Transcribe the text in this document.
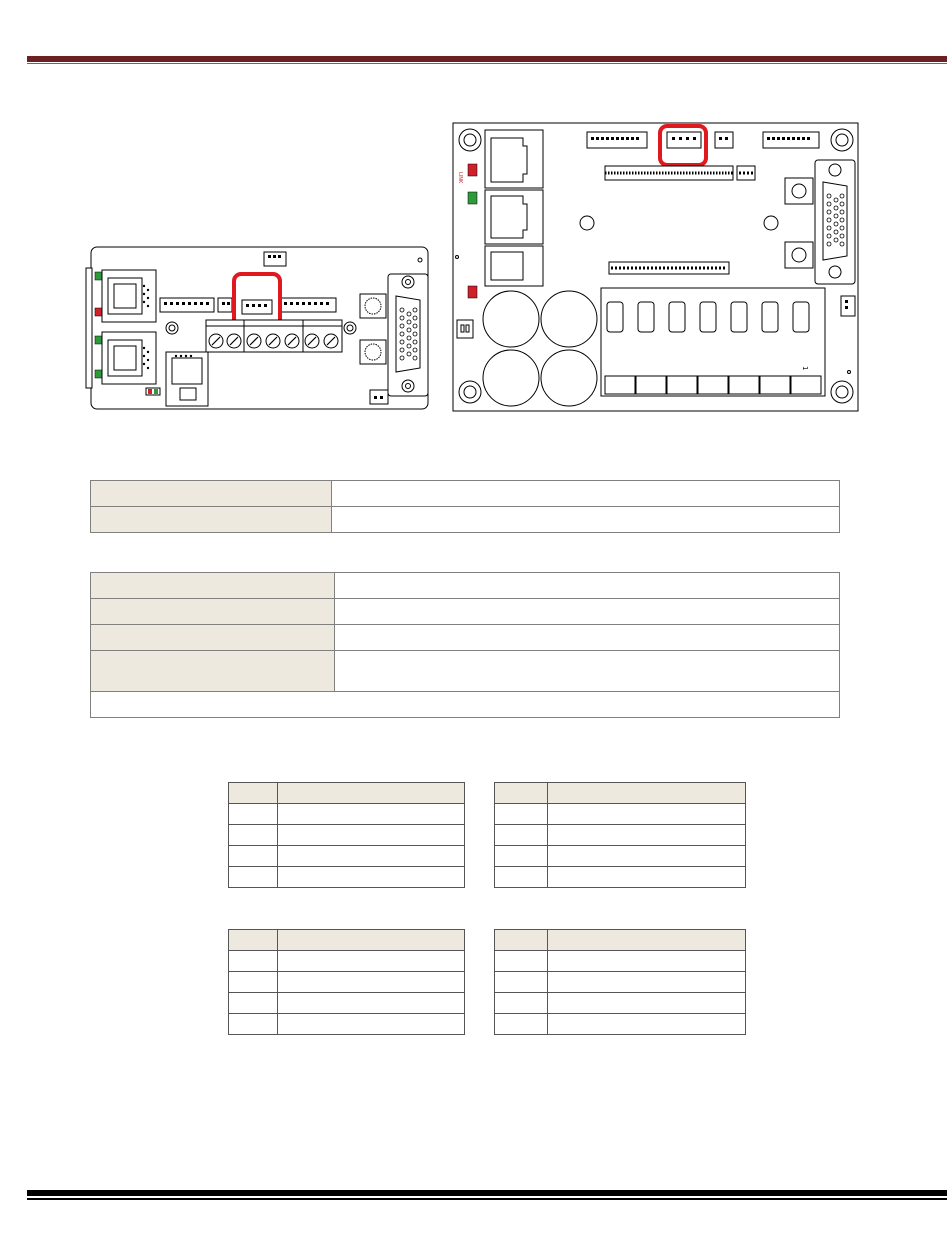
LINK
1
